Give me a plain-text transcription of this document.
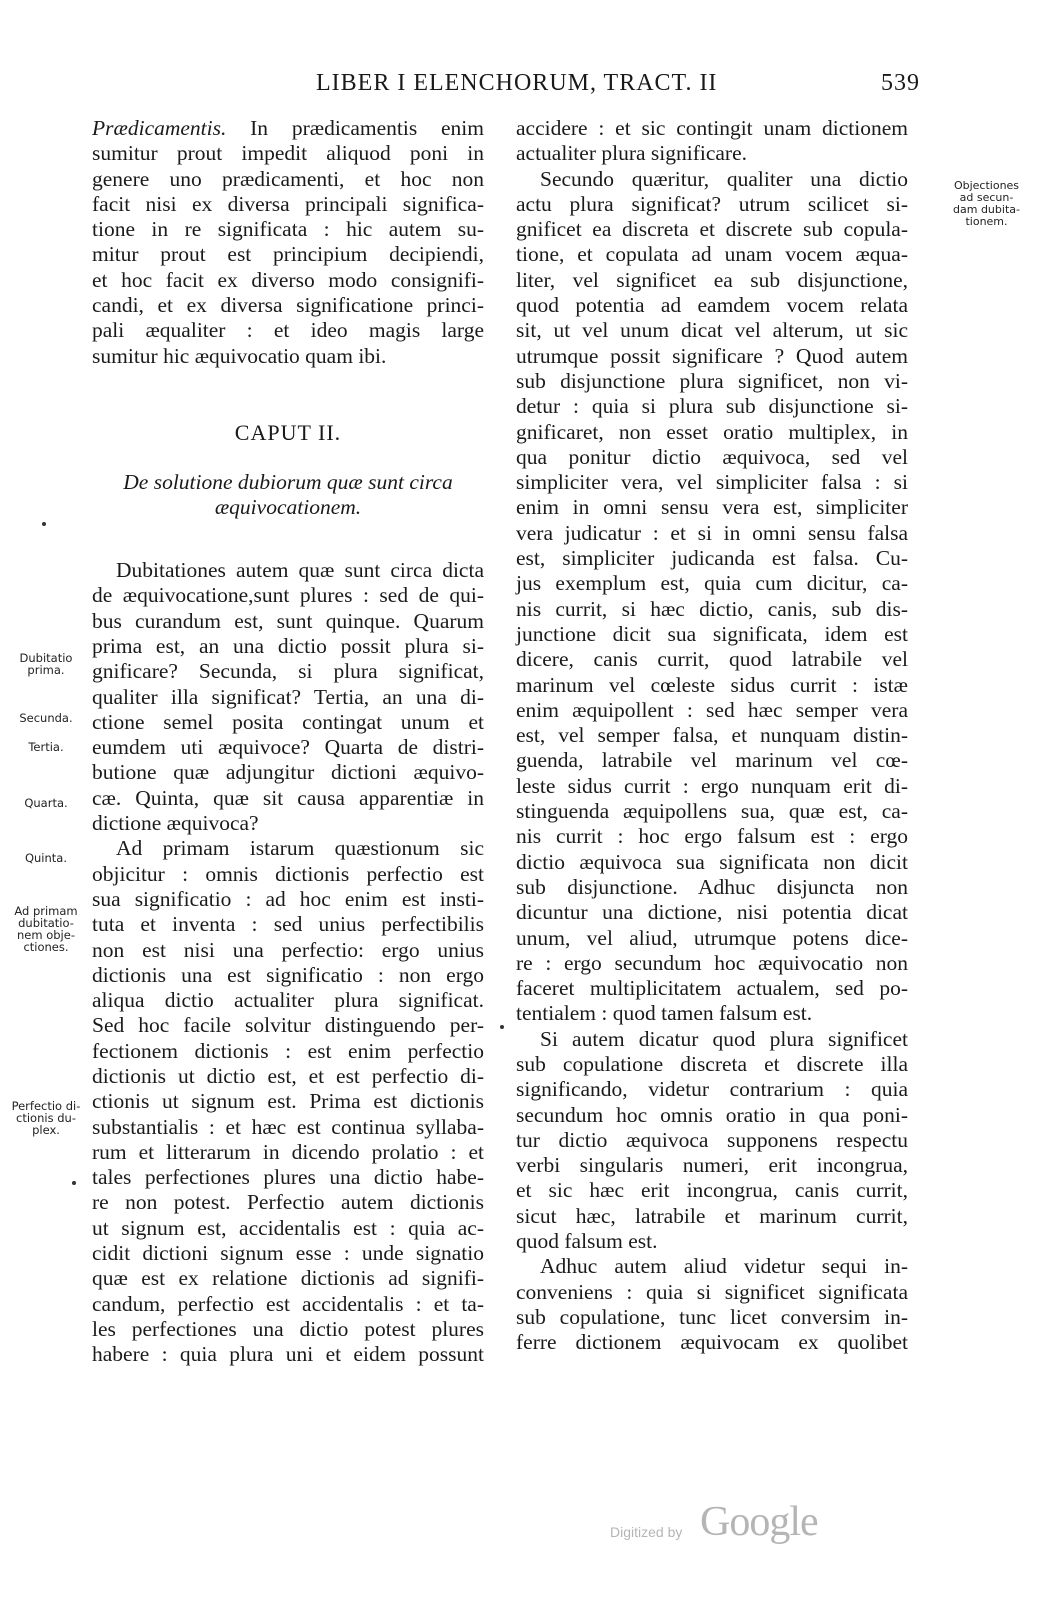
LIBER I ELENCHORUM, TRACT. II	539
Prædicamentis. In prædicamentis enim
sumitur prout impedit aliquod poni in
genere uno prædicamenti, et hoc non
facit nisi ex diversa principali significa-
tione in re significata : hic autem su-
mitur prout est principium decipiendi,
et hoc facit ex diverso modo consignifi-
candi, et ex diversa significatione princi-
pali æqualiter : et ideo magis large
sumitur hic æquivocatio quam ibi.
CAPUT II.
De solutione dubiorum quæ sunt circa
æquivocationem.
Dubitationes autem quæ sunt circa dicta
de æquivocatione,sunt plures : sed de qui-
bus curandum est, sunt quinque. Quarum
prima est, an una dictio possit plura si-
gnificare? Secunda, si plura significat,
qualiter illa significat? Tertia, an una di-
ctione semel posita contingat unum et
eumdem uti æquivoce? Quarta de distri-
butione quæ adjungitur dictioni æquivo-
cæ. Quinta, quæ sit causa apparentiæ in
dictione æquivoca?
Ad primam istarum quæstionum sic
objicitur : omnis dictionis perfectio est
sua significatio : ad hoc enim est insti-
tuta et inventa : sed unius perfectibilis
non est nisi una perfectio: ergo unius
dictionis una est significatio : non ergo
aliqua dictio actualiter plura significat.
Sed hoc facile solvitur distinguendo per-
fectionem dictionis : est enim perfectio
dictionis ut dictio est, et est perfectio di-
ctionis ut signum est. Prima est dictionis
substantialis : et hæc est continua syllaba-
rum et litterarum in dicendo prolatio : et
tales perfectiones plures una dictio habe-
re non potest. Perfectio autem dictionis
ut signum est, accidentalis est : quia ac-
cidit dictioni signum esse : unde signatio
quæ est ex relatione dictionis ad signifi-
candum, perfectio est accidentalis : et ta-
les perfectiones una dictio potest plures
habere : quia plura uni et eidem possunt
accidere : et sic contingit unam dictionem
actualiter plura significare.
Secundo quæritur, qualiter una dictio
actu plura significat? utrum scilicet si-
gnificet ea discreta et discrete sub copula-
tione, et copulata ad unam vocem æqua-
liter, vel significet ea sub disjunctione,
quod potentia ad eamdem vocem relata
sit, ut vel unum dicat vel alterum, ut sic
utrumque possit significare ? Quod autem
sub disjunctione plura significet, non vi-
detur : quia si plura sub disjunctione si-
gnificaret, non esset oratio multiplex, in
qua ponitur dictio æquivoca, sed vel
simpliciter vera, vel simpliciter falsa : si
enim in omni sensu vera est, simpliciter
vera judicatur : et si in omni sensu falsa
est, simpliciter judicanda est falsa. Cu-
jus exemplum est, quia cum dicitur, ca-
nis currit, si hæc dictio, canis, sub dis-
junctione dicit sua significata, idem est
dicere, canis currit, quod latrabile vel
marinum vel cœleste sidus currit : istæ
enim æquipollent : sed hæc semper vera
est, vel semper falsa, et nunquam distin-
guenda, latrabile vel marinum vel cœ-
leste sidus currit : ergo nunquam erit di-
stinguenda æquipollens sua, quæ est, ca-
nis currit : hoc ergo falsum est : ergo
dictio æquivoca sua significata non dicit
sub disjunctione. Adhuc disjuncta non
dicuntur una dictione, nisi potentia dicat
unum, vel aliud, utrumque potens dice-
re : ergo secundum hoc æquivocatio non
faceret multiplicitatem actualem, sed po-
tentialem : quod tamen falsum est.
Si autem dicatur quod plura significet
sub copulatione discreta et discrete illa
significando, videtur contrarium : quia
secundum hoc omnis oratio in qua poni-
tur dictio æquivoca supponens respectu
verbi singularis numeri, erit incongrua,
et sic hæc erit incongrua, canis currit,
sicut hæc, latrabile et marinum currit,
quod falsum est.
Adhuc autem aliud videtur sequi in-
conveniens : quia si significet significata
sub copulatione, tunc licet conversim in-
ferre dictionem æquivocam ex quolibet
Dubitatio
prima.
Secunda.
Tertia.
Quarta.
Quinta.
Ad primam
dubitatio-
nem obje-
ctiones.
Perfectio di-
ctionis du-
plex.
Objectiones
ad secun-
dam dubita-
tionem.
Digitized by Google
